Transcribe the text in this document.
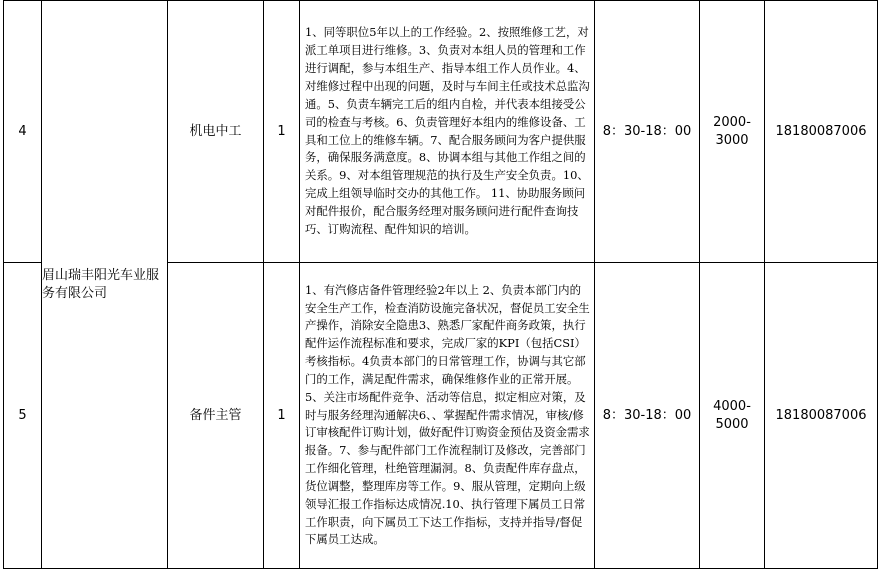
4	眉山瑞丰阳光车业服务有限公司	机电中工	1	1、同等职位5年以上的工作经验。2、按照维修工艺，对派工单项目进行维修。3、负责对本组人员的管理和工作进行调配，参与本组生产、指导本组工作人员作业。4、对维修过程中出现的问题，及时与车间主任或技术总监沟通。5、负责车辆完工后的组内自检，并代表本组接受公司的检查与考核。6、负责管理好本组内的维修设备、工具和工位上的维修车辆。7、配合服务顾问为客户提供服务，确保服务满意度。8、协调本组与其他工作组之间的关系。9、对本组管理规范的执行及生产安全负责。10、完成上组领导临时交办的其他工作。 11、协助服务顾问对配件报价，配合服务经理对服务顾问进行配件查询技巧、订购流程、配件知识的培训。	8：30-18：00	2000-3000	18180087006
5		备件主管	1	1、有汽修店备件管理经验2年以上 2、负责本部门内的安全生产工作，检查消防设施完备状况，督促员工安全生产操作，消除安全隐患3、熟悉厂家配件商务政策，执行配件运作流程标准和要求，完成厂家的KPI（包括CSI）考核指标。4负责本部门的日常管理工作，协调与其它部门的工作，满足配件需求，确保维修作业的正常开展。5、关注市场配件竞争、活动等信息，拟定相应对策，及时与服务经理沟通解决6、、掌握配件需求情况，审核/修订审核配件订购计划，做好配件订购资金预估及资金需求报备。7、参与配件部门工作流程制订及修改，完善部门工作细化管理，杜绝管理漏洞。8、负责配件库存盘点，货位调整，整理库房等工作。9、服从管理，定期向上级领导汇报工作指标达成情况.10、执行管理下属员工日常工作职责，向下属员工下达工作指标，支持并指导/督促下属员工达成。	8：30-18：00	4000-5000	18180087006
